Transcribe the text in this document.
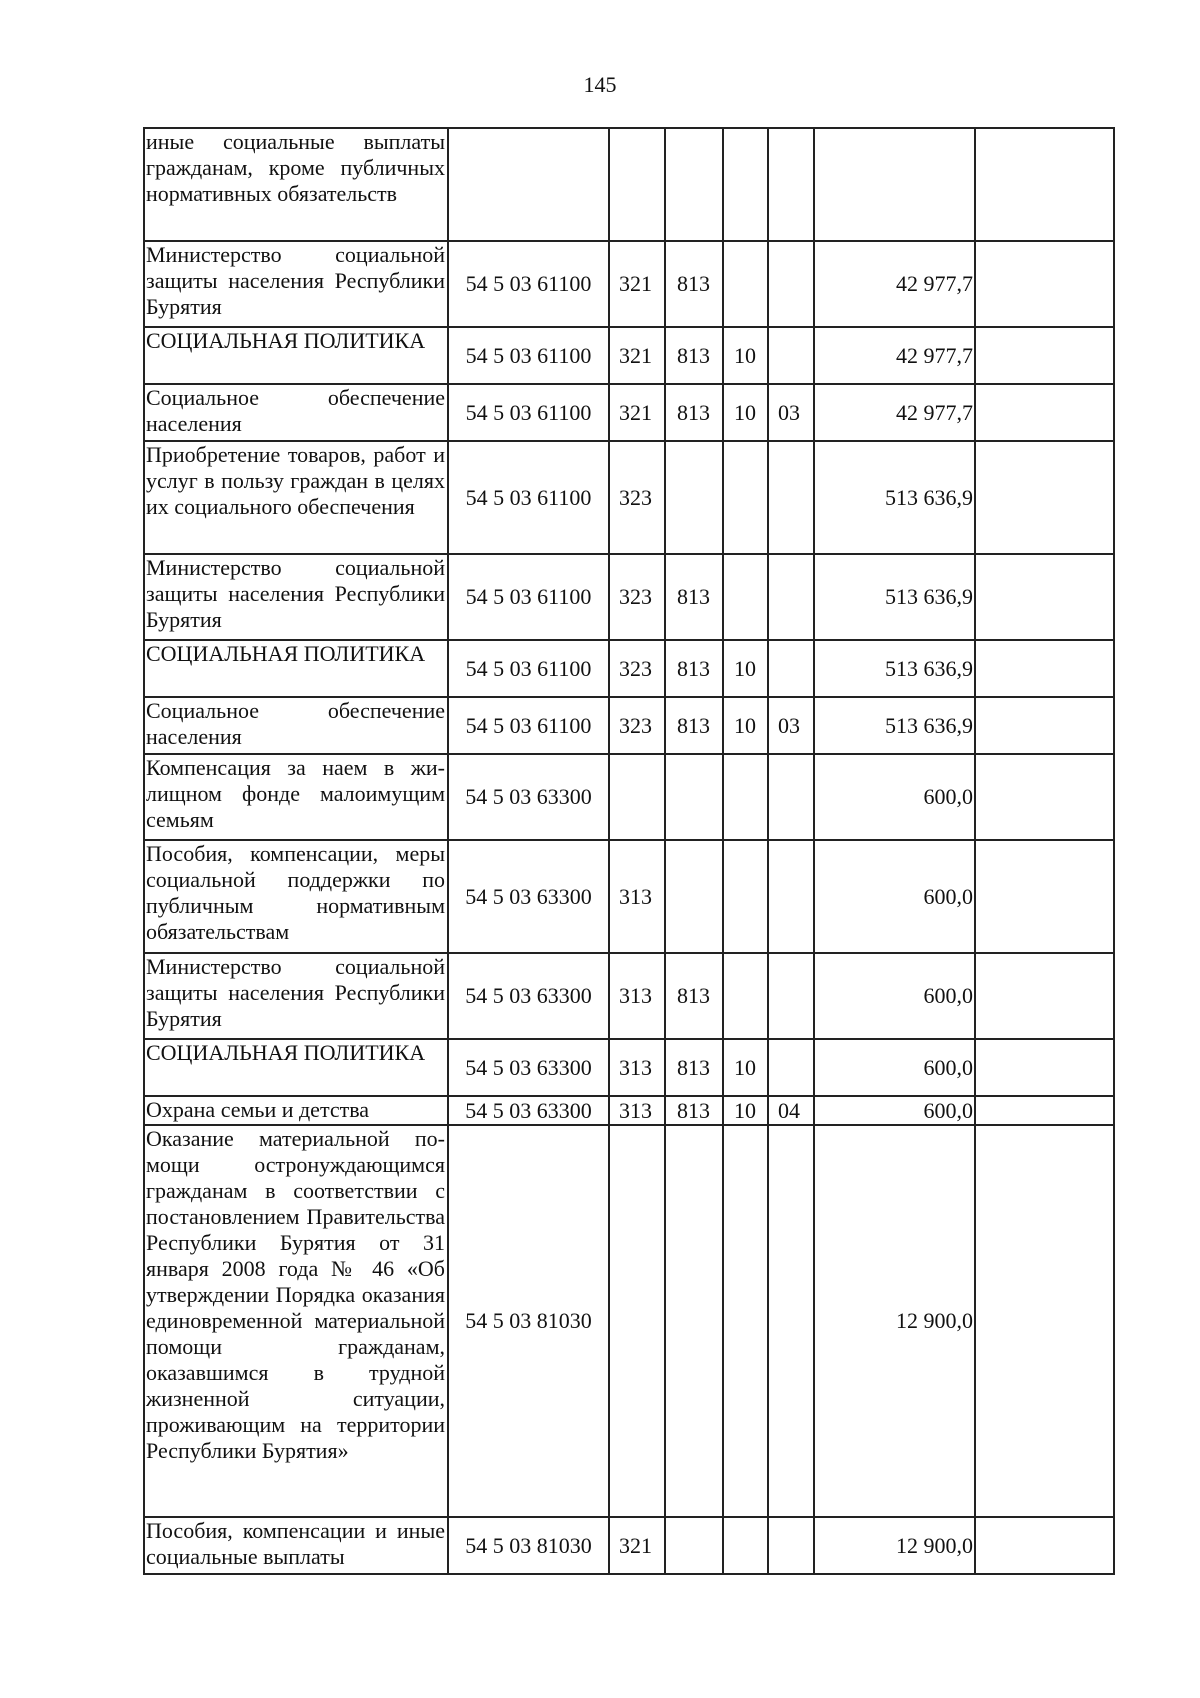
145
иные социальные выплаты гражданам, кроме публичных нормативных обязательств							
Министерство социальной защиты населения Республики Бурятия	54 5 03 61100	321	813			42 977,7	
СОЦИАЛЬНАЯ ПОЛИТИКА	54 5 03 61100	321	813	10		42 977,7	
Социальное обеспечение населения	54 5 03 61100	321	813	10	03	42 977,7	
Приобретение товаров, работ и услуг в пользу граждан в целях их социального обеспечения	54 5 03 61100	323				513 636,9	
Министерство социальной защиты населения Республики Бурятия	54 5 03 61100	323	813			513 636,9	
СОЦИАЛЬНАЯ ПОЛИТИКА	54 5 03 61100	323	813	10		513 636,9	
Социальное обеспечение населения	54 5 03 61100	323	813	10	03	513 636,9	
Компенсация за наем в жилищном фонде малоимущим семьям	54 5 03 63300					600,0	
Пособия, компенсации, меры социальной поддержки по публичным нормативным обязательствам	54 5 03 63300	313				600,0	
Министерство социальной защиты населения Республики Бурятия	54 5 03 63300	313	813			600,0	
СОЦИАЛЬНАЯ ПОЛИТИКА	54 5 03 63300	313	813	10		600,0	
Охрана семьи и детства	54 5 03 63300	313	813	10	04	600,0	
Оказание материальной помощи остронуждающимся гражданам в соответствии с постановлением Правительства Республики Бурятия от 31 января 2008 года № 46 «Об утверждении Порядка оказания единовременной материальной помощи гражданам, оказавшимся в трудной жизненной ситуации, проживающим на территории Республики Бурятия»	54 5 03 81030					12 900,0	
Пособия, компенсации и иные социальные выплаты	54 5 03 81030	321				12 900,0	
